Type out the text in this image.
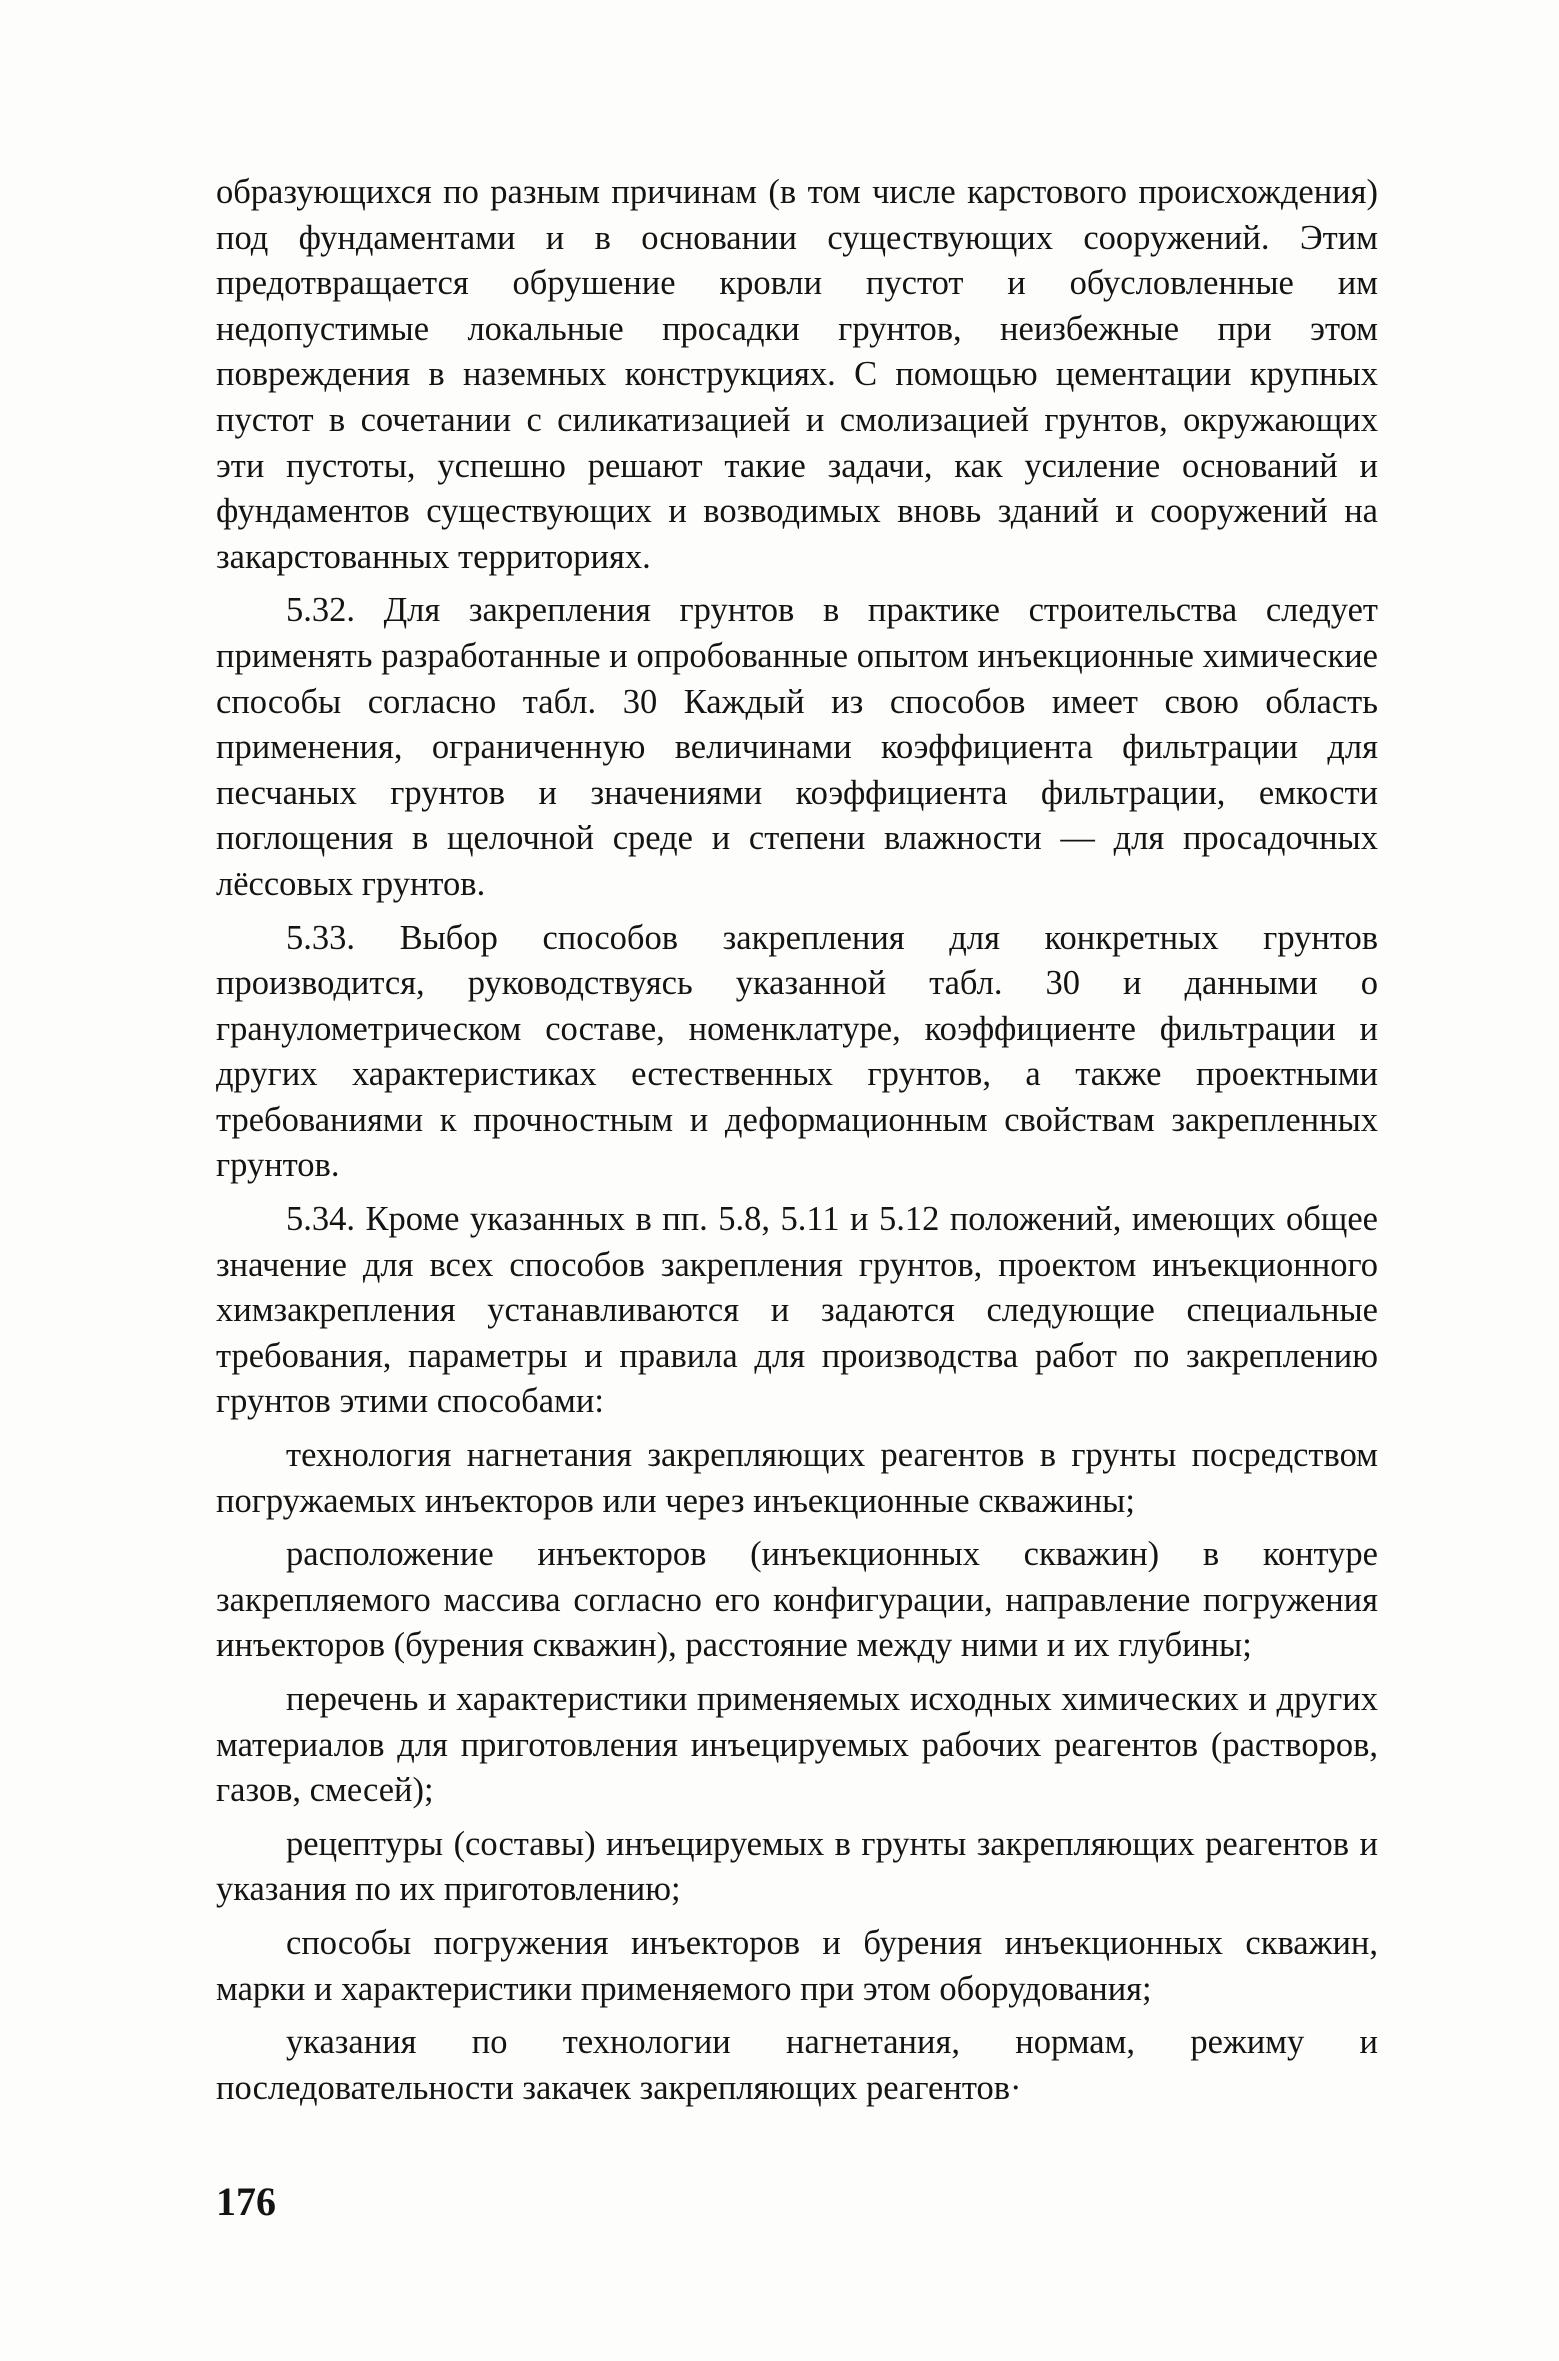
образующихся по разным причинам (в том числе карстового происхождения) под фундаментами и в основании существующих сооружений. Этим предотвращается обрушение кровли пустот и обусловленные им недопустимые локальные просадки грунтов, неизбежные при этом повреждения в наземных конструкциях. С помощью цементации крупных пустот в сочетании с силикатизацией и смолизацией грунтов, окружающих эти пустоты, успешно решают такие задачи, как усиление оснований и фундаментов существующих и возводимых вновь зданий и сооружений на закарстованных территориях.

5.32. Для закрепления грунтов в практике строительства следует применять разработанные и опробованные опытом инъекционные химические способы согласно табл. 30 Каждый из способов имеет свою область применения, ограниченную величинами коэффициента фильтрации для песчаных грунтов и значениями коэффициента фильтрации, емкости поглощения в щелочной среде и степени влажности — для просадочных лёссовых грунтов.

5.33. Выбор способов закрепления для конкретных грунтов производится, руководствуясь указанной табл. 30 и данными о гранулометрическом составе, номенклатуре, коэффициенте фильтрации и других характеристиках естественных грунтов, а также проектными требованиями к прочностным и деформационным свойствам закрепленных грунтов.

5.34. Кроме указанных в пп. 5.8, 5.11 и 5.12 положений, имеющих общее значение для всех способов закрепления грунтов, проектом инъекционного химзакрепления устанавливаются и задаются следующие специальные требования, параметры и правила для производства работ по закреплению грунтов этими способами:

технология нагнетания закрепляющих реагентов в грунты посредством погружаемых инъекторов или через инъекционные скважины;

расположение инъекторов (инъекционных скважин) в контуре закрепляемого массива согласно его конфигурации, направление погружения инъекторов (бурения скважин), расстояние между ними и их глубины;

перечень и характеристики применяемых исходных химических и других материалов для приготовления инъецируемых рабочих реагентов (растворов, газов, смесей);

рецептуры (составы) инъецируемых в грунты закрепляющих реагентов и указания по их приготовлению;

способы погружения инъекторов и бурения инъекционных скважин, марки и характеристики применяемого при этом оборудования;

указания по технологии нагнетания, нормам, режиму и последовательности закачек закрепляющих реагентов·

176
